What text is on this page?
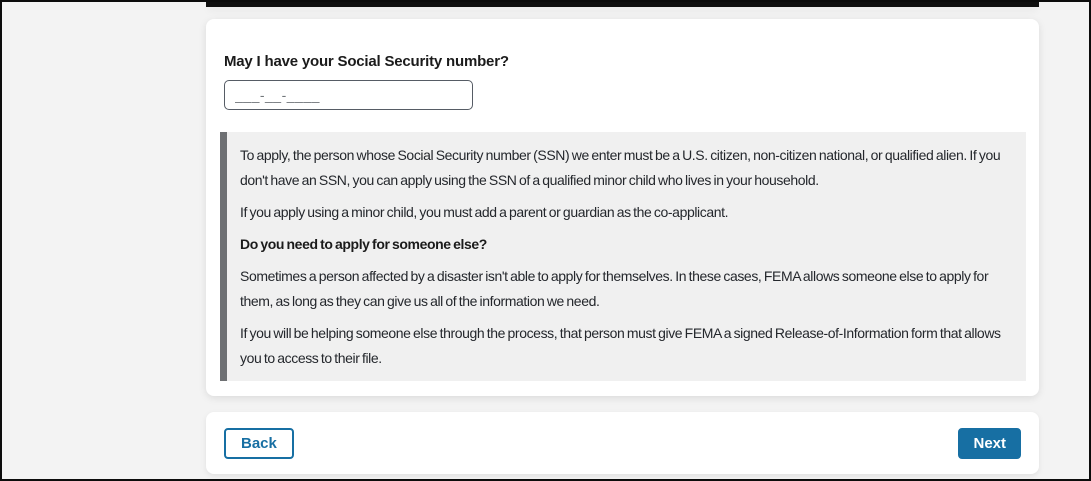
May I have your Social Security number?
___-__-____

To apply, the person whose Social Security number (SSN) we enter must be a U.S. citizen, non-citizen national, or qualified alien. If you don't have an SSN, you can apply using the SSN of a qualified minor child who lives in your household.

If you apply using a minor child, you must add a parent or guardian as the co-applicant.

Do you need to apply for someone else?

Sometimes a person affected by a disaster isn't able to apply for themselves. In these cases, FEMA allows someone else to apply for them, as long as they can give us all of the information we need.

If you will be helping someone else through the process, that person must give FEMA a signed Release-of-Information form that allows you to access to their file.

Back	Next
